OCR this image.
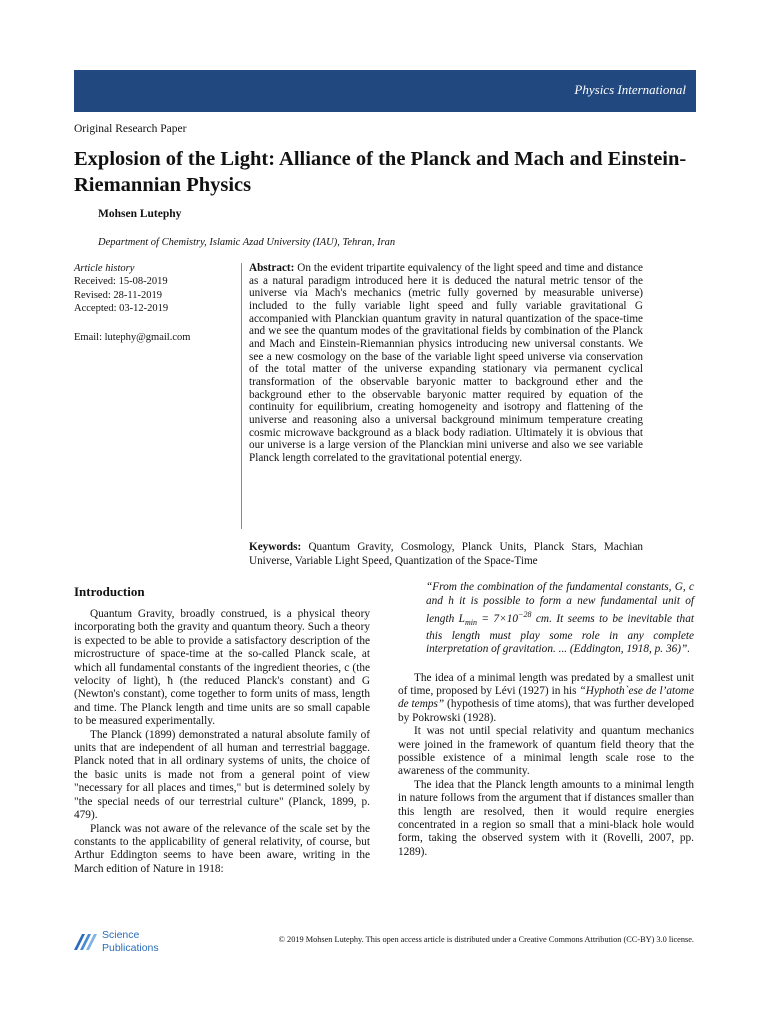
Physics International
Original Research Paper
Explosion of the Light: Alliance of the Planck and Mach and Einstein-Riemannian Physics
Mohsen Lutephy
Department of Chemistry, Islamic Azad University (IAU), Tehran, Iran
Article history
Received: 15-08-2019
Revised: 28-11-2019
Accepted: 03-12-2019
Email: lutephy@gmail.com

Abstract: On the evident tripartite equivalency of the light speed and time and distance as a natural paradigm introduced here it is deduced the natural metric tensor of the universe via Mach's mechanics (metric fully governed by measurable universe) included to the fully variable light speed and fully variable gravitational G accompanied with Planckian quantum gravity in natural quantization of the space-time and we see the quantum modes of the gravitational fields by combination of the Planck and Mach and Einstein-Riemannian physics introducing new universal constants. We see a new cosmology on the base of the variable light speed universe via conservation of the total matter of the universe expanding stationary via permanent cyclical transformation of the observable baryonic matter to background ether and the background ether to the observable baryonic matter required by equation of the continuity for equilibrium, creating homogeneity and isotropy and flattening of the universe and reasoning also a universal background minimum temperature creating cosmic microwave background as a black body radiation. Ultimately it is obvious that our universe is a large version of the Planckian mini universe and also we see variable Planck length correlated to the gravitational potential energy.

Keywords: Quantum Gravity, Cosmology, Planck Units, Planck Stars, Machian Universe, Variable Light Speed, Quantization of the Space-Time

Introduction

Quantum Gravity, broadly construed, is a physical theory incorporating both the gravity and quantum theory. Such a theory is expected to be able to provide a satisfactory description of the microstructure of space-time at the so-called Planck scale, at which all fundamental constants of the ingredient theories, c (the velocity of light), ħ (the reduced Planck's constant) and G (Newton's constant), come together to form units of mass, length and time. The Planck length and time units are so small capable to be measured experimentally.

The Planck (1899) demonstrated a natural absolute family of units that are independent of all human and terrestrial baggage. Planck noted that in all ordinary systems of units, the choice of the basic units is made not from a general point of view "necessary for all places and times," but is determined solely by "the special needs of our terrestrial culture" (Planck, 1899, p. 479).

Planck was not aware of the relevance of the scale set by the constants to the applicability of general relativity, of course, but Arthur Eddington seems to have been aware, writing in the March edition of Nature in 1918:

“From the combination of the fundamental constants, G, c and h it is possible to form a new fundamental unit of length $L_{min} = 7\times 10^{-28}$ cm. It seems to be inevitable that this length must play some role in any complete interpretation of gravitation. ... (Eddington, 1918, p. 36)”.

The idea of a minimal length was predated by a smallest unit of time, proposed by Lévi (1927) in his “Hyphoth`ese de l’atome de temps” (hypothesis of time atoms), that was further developed by Pokrowski (1928).

It was not until special relativity and quantum mechanics were joined in the framework of quantum field theory that the possible existence of a minimal length scale rose to the awareness of the community.

The idea that the Planck length amounts to a minimal length in nature follows from the argument that if distances smaller than this length are resolved, then it would require energies concentrated in a region so small that a mini-black hole would form, taking the observed system with it (Rovelli, 2007, pp. 1289).

Science
Publications
© 2019 Mohsen Lutephy. This open access article is distributed under a Creative Commons Attribution (CC-BY) 3.0 license.
